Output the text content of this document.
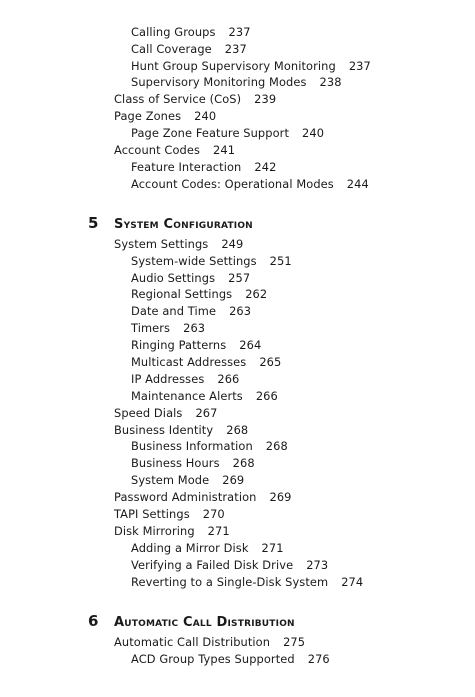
Calling Groups 237
Call Coverage 237
Hunt Group Supervisory Monitoring 237
Supervisory Monitoring Modes 238
Class of Service (CoS) 239
Page Zones 240
Page Zone Feature Support 240
Account Codes 241
Feature Interaction 242
Account Codes: Operational Modes 244
5 System Configuration
System Settings 249
System-wide Settings 251
Audio Settings 257
Regional Settings 262
Date and Time 263
Timers 263
Ringing Patterns 264
Multicast Addresses 265
IP Addresses 266
Maintenance Alerts 266
Speed Dials 267
Business Identity 268
Business Information 268
Business Hours 268
System Mode 269
Password Administration 269
TAPI Settings 270
Disk Mirroring 271
Adding a Mirror Disk 271
Verifying a Failed Disk Drive 273
Reverting to a Single-Disk System 274
6 Automatic Call Distribution
Automatic Call Distribution 275
ACD Group Types Supported 276
